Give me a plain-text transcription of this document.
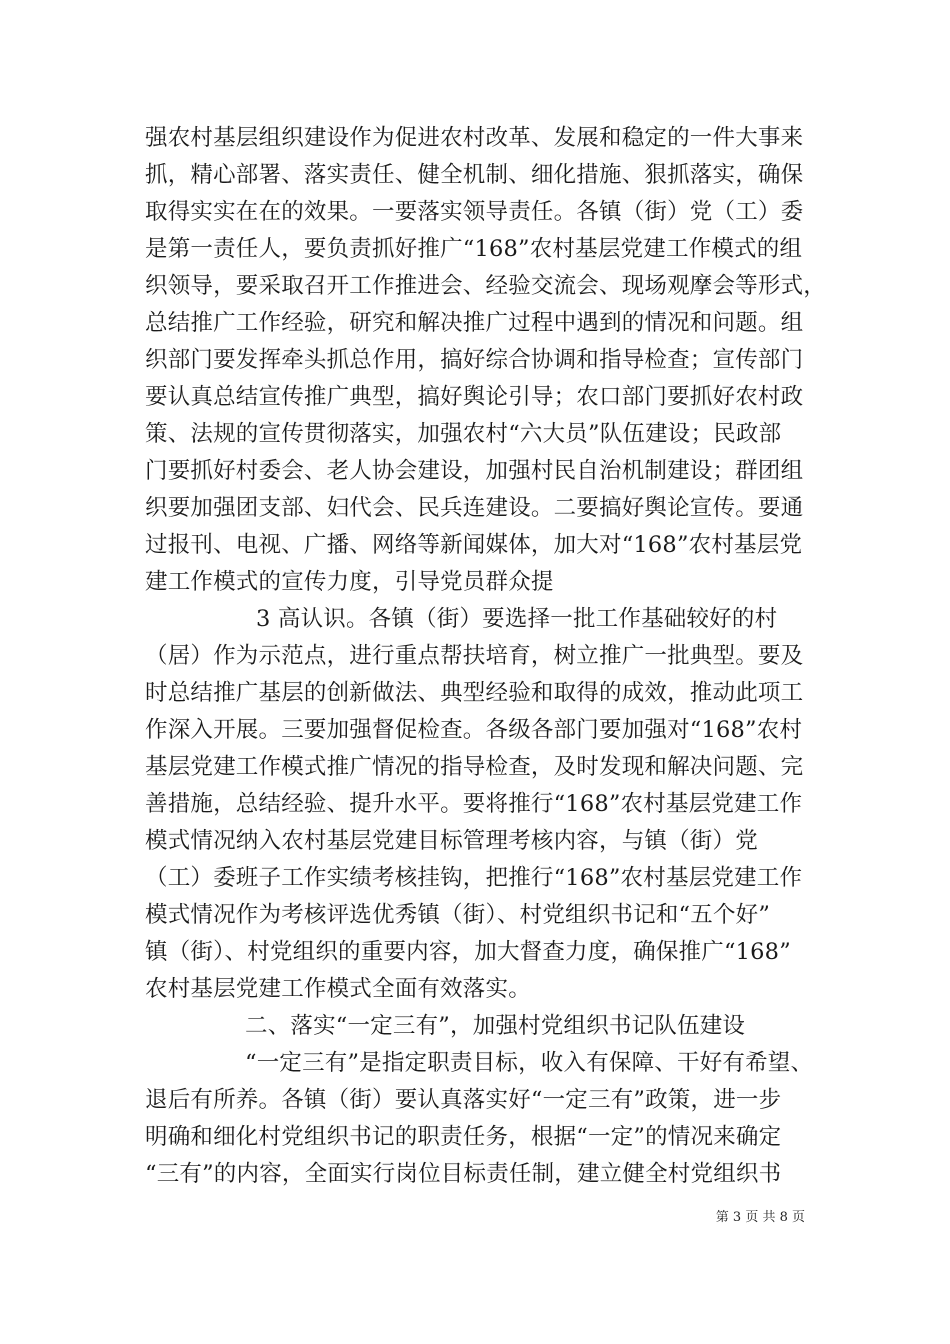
强农村基层组织建设作为促进农村改革、发展和稳定的一件大事来
抓，精心部署、落实责任、健全机制、细化措施、狠抓落实，确保
取得实实在在的效果。一要落实领导责任。各镇（街）党（工）委
是第一责任人，要负责抓好推广“168”农村基层党建工作模式的组
织领导，要采取召开工作推进会、经验交流会、现场观摩会等形式，
总结推广工作经验，研究和解决推广过程中遇到的情况和问题。组
织部门要发挥牵头抓总作用，搞好综合协调和指导检查；宣传部门
要认真总结宣传推广典型，搞好舆论引导；农口部门要抓好农村政
策、法规的宣传贯彻落实，加强农村“六大员”队伍建设；民政部
门要抓好村委会、老人协会建设，加强村民自治机制建设；群团组
织要加强团支部、妇代会、民兵连建设。二要搞好舆论宣传。要通
过报刊、电视、广播、网络等新闻媒体，加大对“168”农村基层党
建工作模式的宣传力度，引导党员群众提
3 高认识。各镇（街）要选择一批工作基础较好的村
（居）作为示范点，进行重点帮扶培育，树立推广一批典型。要及
时总结推广基层的创新做法、典型经验和取得的成效，推动此项工
作深入开展。三要加强督促检查。各级各部门要加强对“168”农村
基层党建工作模式推广情况的指导检查，及时发现和解决问题、完
善措施，总结经验、提升水平。要将推行“168”农村基层党建工作
模式情况纳入农村基层党建目标管理考核内容，与镇（街）党
（工）委班子工作实绩考核挂钩，把推行“168”农村基层党建工作
模式情况作为考核评选优秀镇（街）、村党组织书记和“五个好”
镇（街）、村党组织的重要内容，加大督查力度，确保推广“168”
农村基层党建工作模式全面有效落实。
二、落实“一定三有”，加强村党组织书记队伍建设
“一定三有”是指定职责目标，收入有保障、干好有希望、
退后有所养。各镇（街）要认真落实好“一定三有”政策，进一步
明确和细化村党组织书记的职责任务，根据“一定”的情况来确定
“三有”的内容，全面实行岗位目标责任制，建立健全村党组织书
第 3 页 共 8 页
